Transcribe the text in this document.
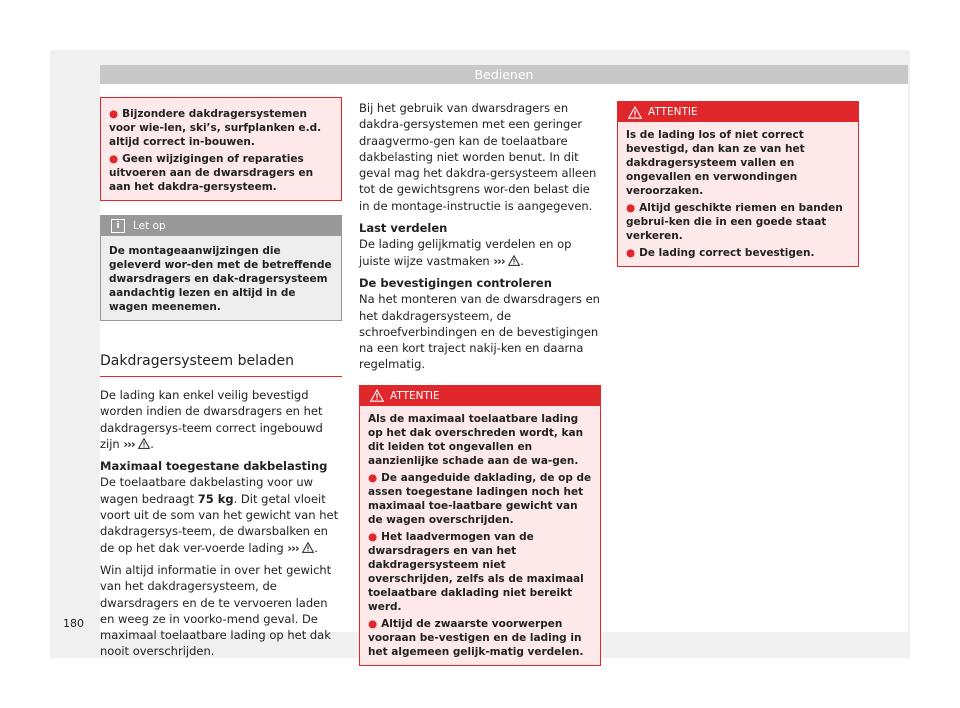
Bedienen
● Bijzondere dakdragersystemen voor wie-len, ski’s, surfplanken e.d. altijd correct in-bouwen.
● Geen wijzigingen of reparaties uitvoeren aan de dwarsdragers en aan het dakdra-gersysteem.
i	Let op
De montageaanwijzingen die geleverd wor-den met de betreffende dwarsdragers en dak-dragersysteem aandachtig lezen en altijd in de wagen meenemen.
Dakdragersysteem beladen

De lading kan enkel veilig bevestigd worden indien de dwarsdragers en het dakdragersys-teem correct ingebouwd zijn ››› .

Maximaal toegestane dakbelasting

De toelaatbare dakbelasting voor uw wagen bedraagt 75 kg. Dit getal vloeit voort uit de som van het gewicht van het dakdragersys-teem, de dwarsbalken en de op het dak ver-voerde lading ››› .

Win altijd informatie in over het gewicht van het dakdragersysteem, de dwarsdragers en de te vervoeren laden en weeg ze in voorko-mend geval. De maximaal toelaatbare lading op het dak nooit overschrijden.

Bij het gebruik van dwarsdragers en dakdra-gersystemen met een geringer draagvermo-gen kan de toelaatbare dakbelasting niet worden benut. In dit geval mag het dakdra-gersysteem alleen tot de gewichtsgrens wor-den belast die in de montage-instructie is aangegeven.

Last verdelen

De lading gelijkmatig verdelen en op juiste wijze vastmaken ››› .

De bevestigingen controleren

Na het monteren van de dwarsdragers en het dakdragersysteem, de schroefverbindingen en de bevestigingen na een kort traject nakij-ken en daarna regelmatig.

ATTENTIE
Als de maximaal toelaatbare lading op het dak overschreden wordt, kan dit leiden tot ongevallen en aanzienlijke schade aan de wa-gen.
● De aangeduide daklading, de op de assen toegestane ladingen noch het maximaal toe-laatbare gewicht van de wagen overschrijden.
● Het laadvermogen van de dwarsdragers en van het dakdragersysteem niet overschrijden, zelfs als de maximaal toelaatbare daklading niet bereikt werd.
● Altijd de zwaarste voorwerpen vooraan be-vestigen en de lading in het algemeen gelijk-matig verdelen.
ATTENTIE
Is de lading los of niet correct bevestigd, dan kan ze van het dakdragersysteem vallen en ongevallen en verwondingen veroorzaken.
● Altijd geschikte riemen en banden gebrui-ken die in een goede staat verkeren.
● De lading correct bevestigen.
180
